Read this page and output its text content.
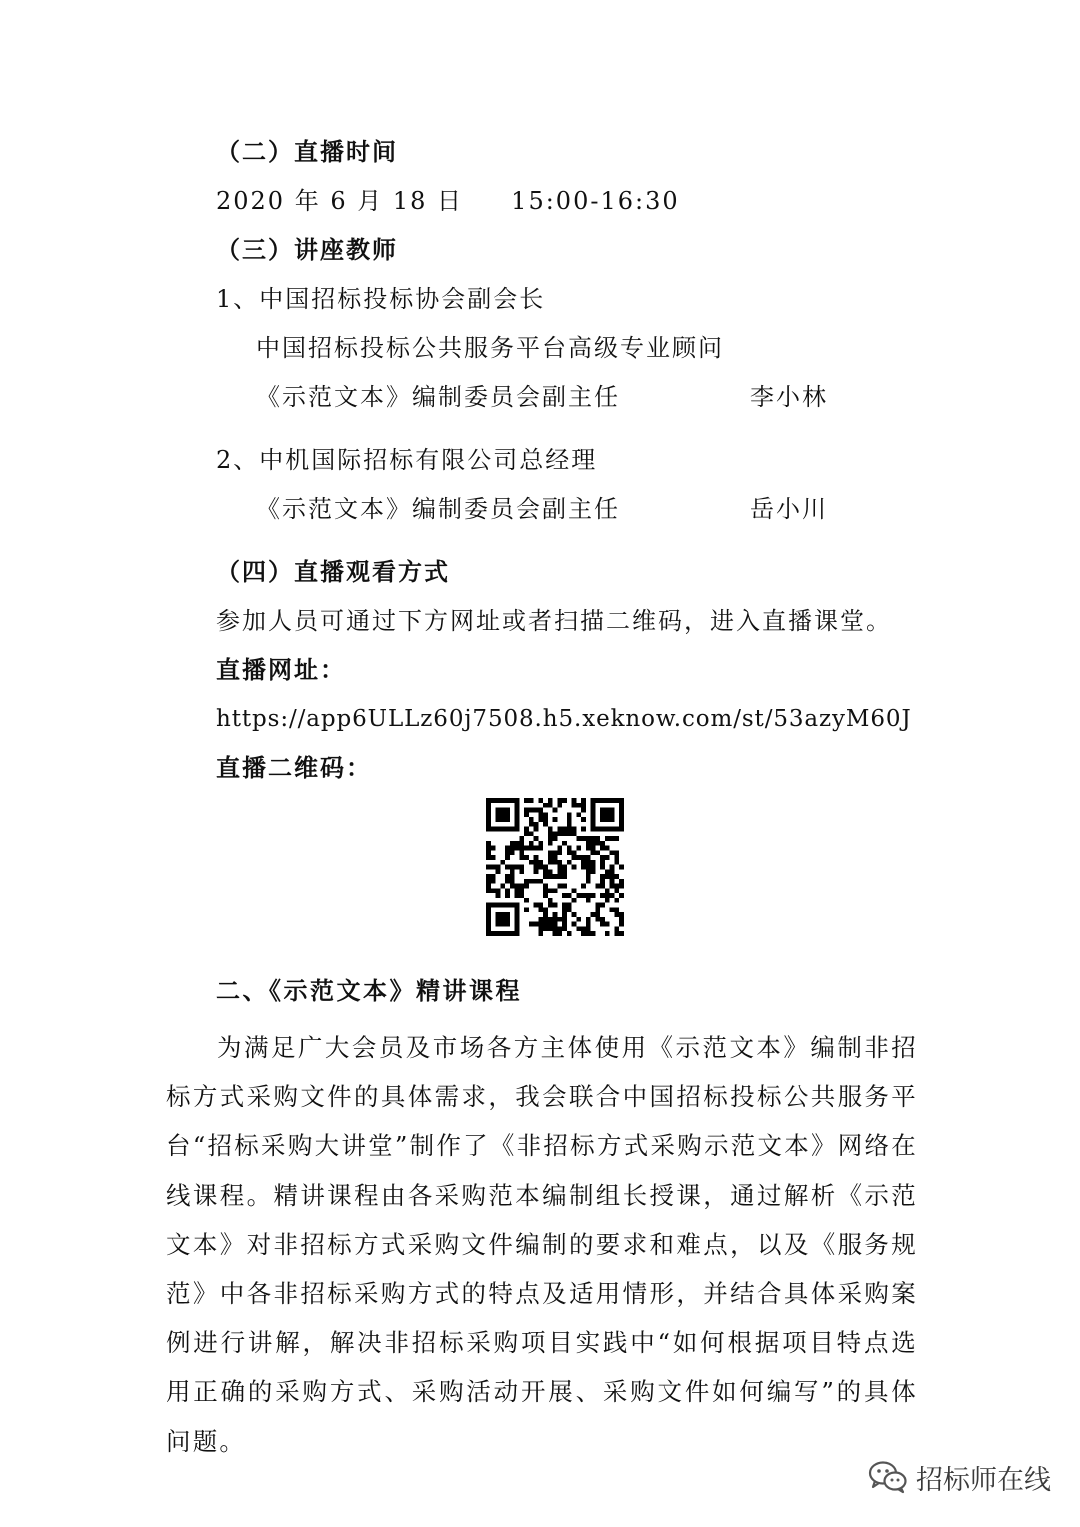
（二）直播时间

2020 年 6 月 18 日     15:00-16:30

（三）讲座教师

1、中国招标投标协会副会长

中国招标投标公共服务平台高级专业顾问

《示范文本》编制委员会副主任	李小林

2、中机国际招标有限公司总经理

《示范文本》编制委员会副主任	岳小川

（四）直播观看方式

参加人员可通过下方网址或者扫描二维码，进入直播课堂。

直播网址：

https://app6ULLz60j7508.h5.xeknow.com/st/53azyM60J

直播二维码：

二、《示范文本》精讲课程

为满足广大会员及市场各方主体使用《示范文本》编制非招标方式采购文件的具体需求，我会联合中国招标投标公共服务平台“招标采购大讲堂”制作了《非招标方式采购示范文本》网络在线课程。精讲课程由各采购范本编制组长授课，通过解析《示范文本》对非招标方式采购文件编制的要求和难点，以及《服务规范》中各非招标采购方式的特点及适用情形，并结合具体采购案例进行讲解，解决非招标采购项目实践中“如何根据项目特点选用正确的采购方式、采购活动开展、采购文件如何编写”的具体问题。

招标师在线
